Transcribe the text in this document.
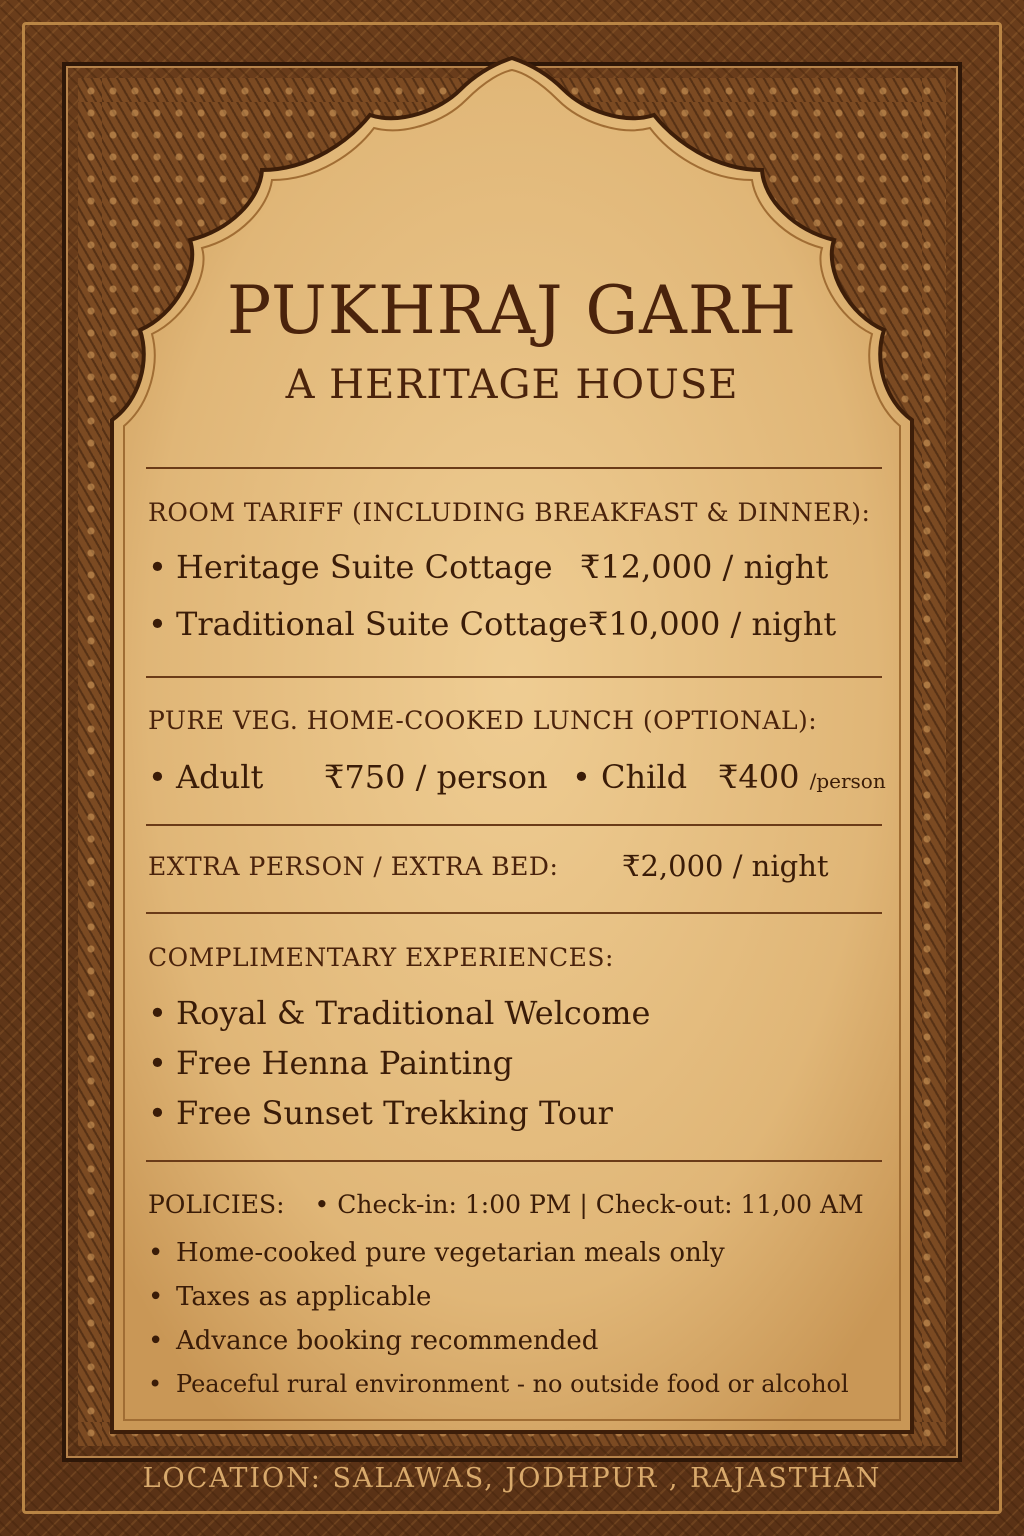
PUKHRAJ GARH
A HERITAGE HOUSE
ROOM TARIFF (INCLUDING BREAKFAST & DINNER):
• Heritage Suite Cottage ₹12,000 / night
• Traditional Suite Cottage ₹10,000 / night
PURE VEG. HOME-COOKED LUNCH (OPTIONAL):
• Adult ₹750 / person • Child ₹400 /person
EXTRA PERSON / EXTRA BED: ₹2,000 / night
COMPLIMENTARY EXPERIENCES:
• Royal & Traditional Welcome
• Free Henna Painting
• Free Sunset Trekking Tour
POLICIES: • Check-in: 1:00 PM | Check-out: 11,00 AM
• Home-cooked pure vegetarian meals only
• Taxes as applicable
• Advance booking recommended
• Peaceful rural environment - no outside food or alcohol
LOCATION: SALAWAS, JODHPUR , RAJASTHAN
